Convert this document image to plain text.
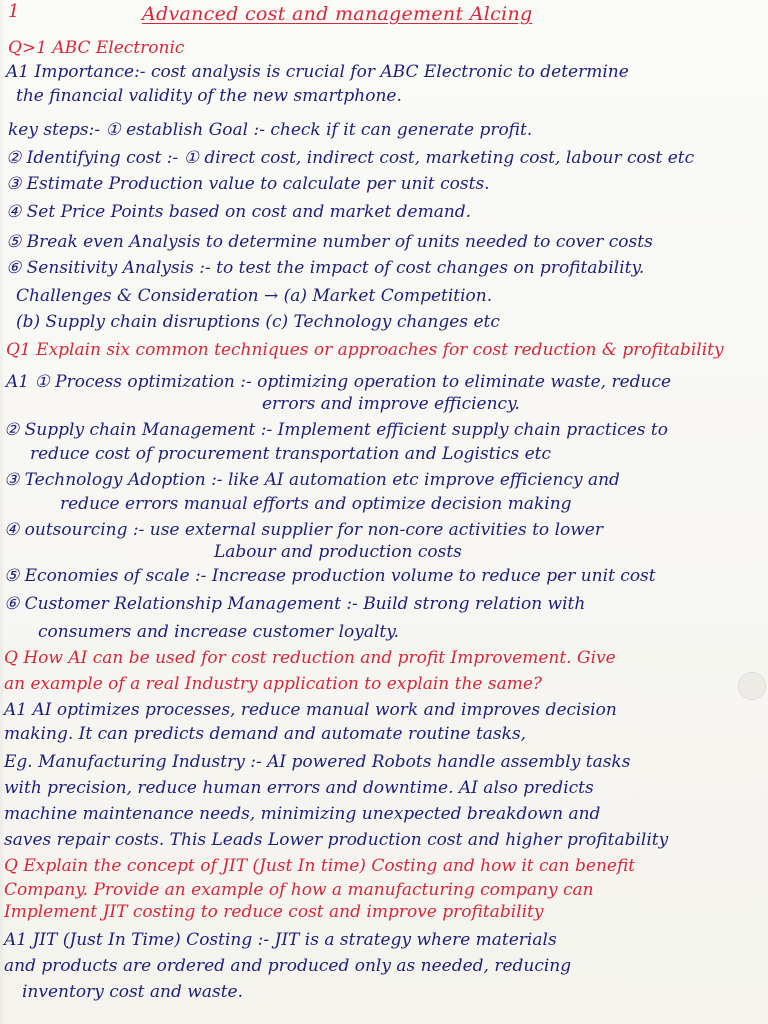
1	Advanced cost and management Alcing
Q>1 ABC Electronic
A1 Importance:- cost analysis is crucial for ABC Electronic to determine
the financial validity of the new smartphone.
key steps:- ① establish Goal :- check if it can generate profit.
② Identifying cost :- ① direct cost, indirect cost, marketing cost, labour cost etc
③ Estimate Production value to calculate per unit costs.
④ Set Price Points based on cost and market demand.
⑤ Break even Analysis to determine number of units needed to cover costs
⑥ Sensitivity Analysis :- to test the impact of cost changes on profitability.
Challenges & Consideration → (a) Market Competition.
(b) Supply chain disruptions (c) Technology changes etc
Q1 Explain six common techniques or approaches for cost reduction & profitability
A1 ① Process optimization :- optimizing operation to eliminate waste, reduce
errors and improve efficiency.
② Supply chain Management :- Implement efficient supply chain practices to
reduce cost of procurement transportation and Logistics etc
③ Technology Adoption :- like AI automation etc improve efficiency and
reduce errors manual efforts and optimize decision making
④ outsourcing :- use external supplier for non-core activities to lower
Labour and production costs
⑤ Economies of scale :- Increase production volume to reduce per unit cost
⑥ Customer Relationship Management :- Build strong relation with
consumers and increase customer loyalty.
Q How AI can be used for cost reduction and profit Improvement. Give
an example of a real Industry application to explain the same?
A1 AI optimizes processes, reduce manual work and improves decision
making. It can predicts demand and automate routine tasks,
Eg. Manufacturing Industry :- AI powered Robots handle assembly tasks
with precision, reduce human errors and downtime. AI also predicts
machine maintenance needs, minimizing unexpected breakdown and
saves repair costs. This Leads Lower production cost and higher profitability
Q Explain the concept of JIT (Just In time) Costing and how it can benefit
Company. Provide an example of how a manufacturing company can
Implement JIT costing to reduce cost and improve profitability
A1 JIT (Just In Time) Costing :- JIT is a strategy where materials
and products are ordered and produced only as needed, reducing
inventory cost and waste.
